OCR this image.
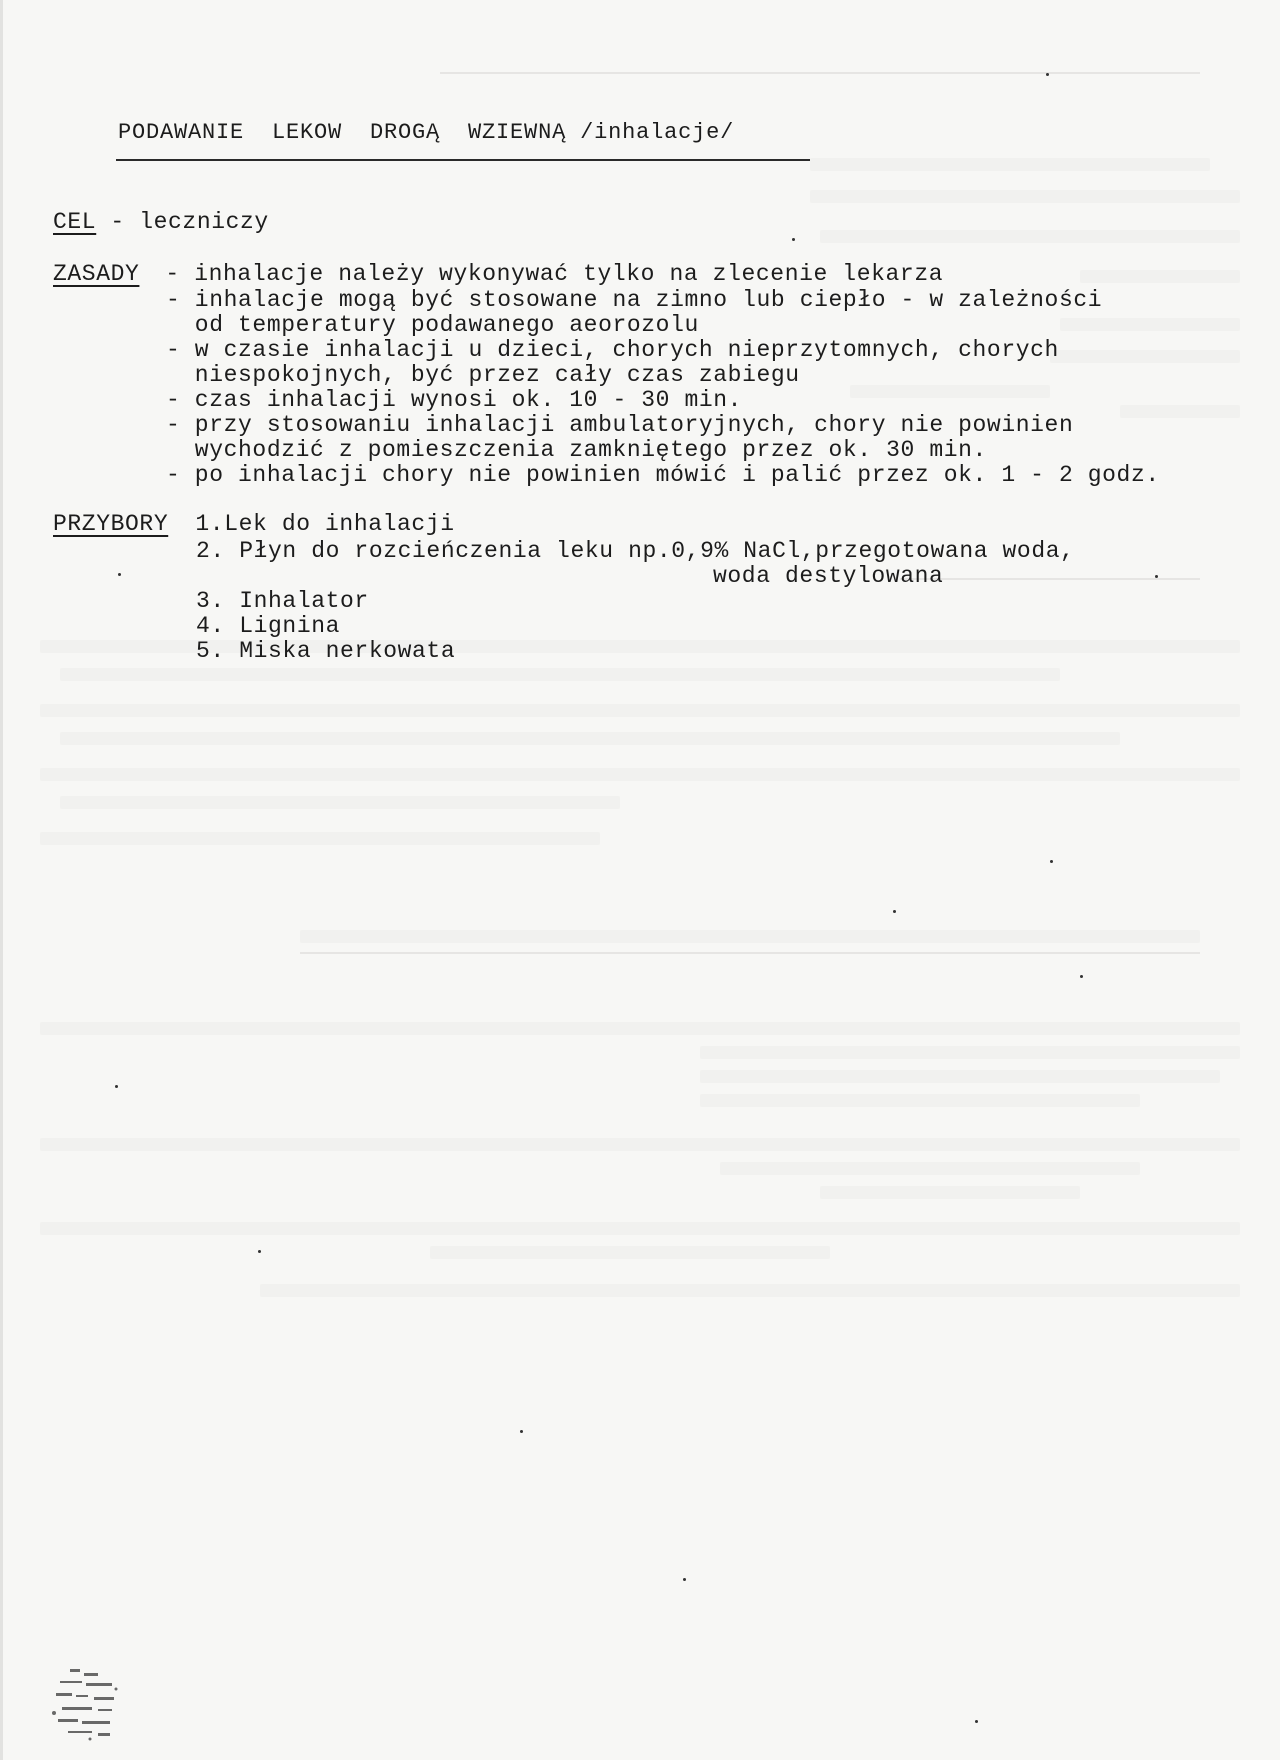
PODAWANIE  LEKOW  DROGĄ  WZIEWNĄ /inhalacje/
CEL - leczniczy
ZASADY - inhalacje należy wykonywać tylko na zlecenie lekarza
- inhalacje mogą być stosowane na zimno lub ciepło - w zależności
od temperatury podawanego aeorozolu
- w czasie inhalacji u dzieci, chorych nieprzytomnych, chorych
niespokojnych, być przez cały czas zabiegu
- czas inhalacji wynosi ok. 10 - 30 min.
- przy stosowaniu inhalacji ambulatoryjnych, chory nie powinien
wychodzić z pomieszczenia zamkniętego przez ok. 30 min.
- po inhalacji chory nie powinien mówić i palić przez ok. 1 - 2 godz.
PRZYBORY 1.Lek do inhalacji
2. Płyn do rozcieńczenia leku np.0,9% NaCl,przegotowana woda,
woda destylowana
3. Inhalator
4. Lignina
5. Miska nerkowata
